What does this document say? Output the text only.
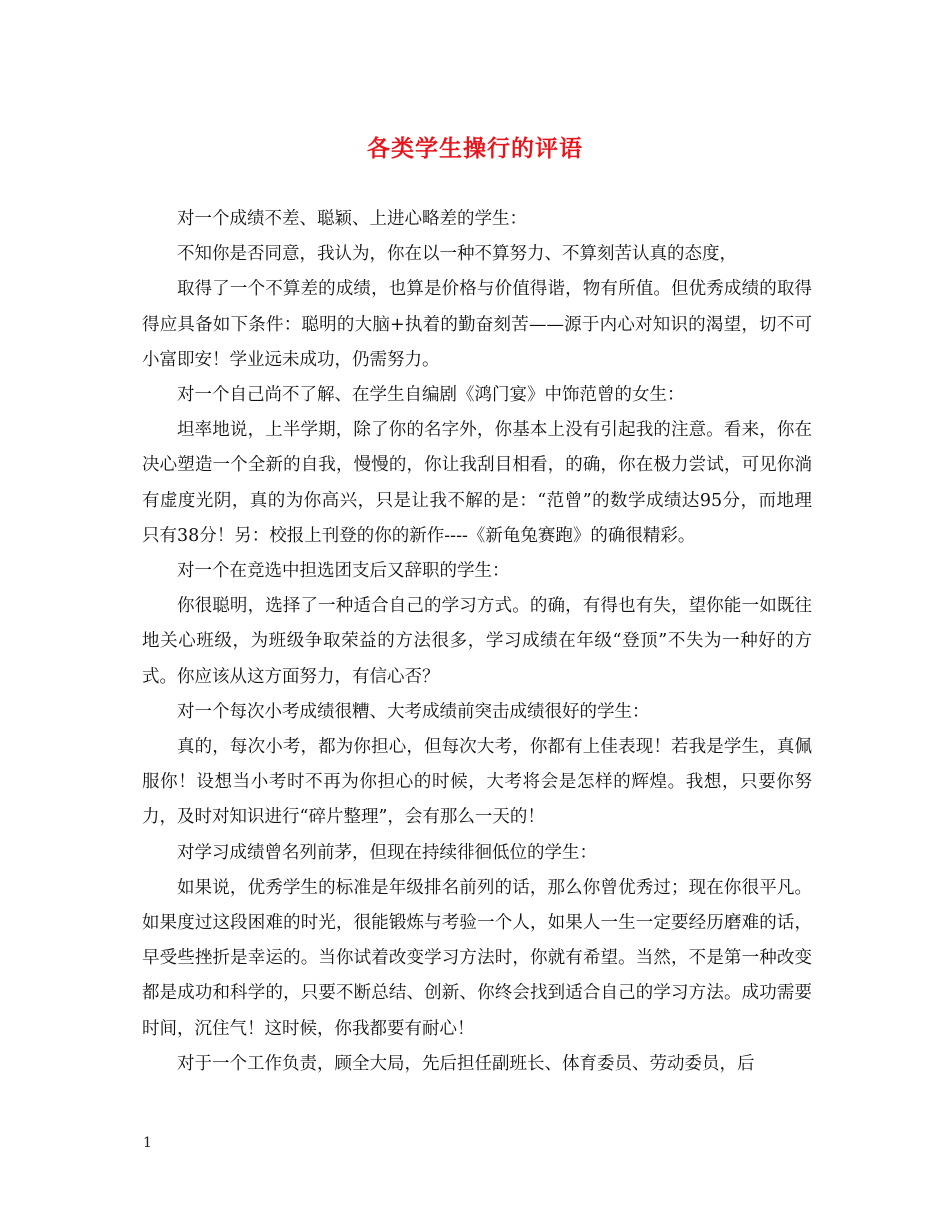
各类学生操行的评语

对一个成绩不差、聪颖、上进心略差的学生：

不知你是否同意，我认为，你在以一种不算努力、不算刻苦认真的态度，

取得了一个不算差的成绩，也算是价格与价值得谐，物有所值。但优秀成绩的取得得应具备如下条件：聪明的大脑+执着的勤奋刻苦——源于内心对知识的渴望，切不可小富即安！学业远未成功，仍需努力。

对一个自己尚不了解、在学生自编剧《鸿门宴》中饰范曾的女生：

坦率地说，上半学期，除了你的名字外，你基本上没有引起我的注意。看来，你在决心塑造一个全新的自我，慢慢的，你让我刮目相看，的确，你在极力尝试，可见你淌有虚度光阴，真的为你高兴，只是让我不解的是：“范曾”的数学成绩达95分，而地理只有38分！另：校报上刊登的你的新作----《新龟兔赛跑》的确很精彩。

对一个在竞选中担选团支后又辞职的学生：

你很聪明，选择了一种适合自己的学习方式。的确，有得也有失，望你能一如既往地关心班级，为班级争取荣益的方法很多，学习成绩在年级“登顶”不失为一种好的方式。你应该从这方面努力，有信心否？

对一个每次小考成绩很糟、大考成绩前突击成绩很好的学生：

真的，每次小考，都为你担心，但每次大考，你都有上佳表现！若我是学生，真佩服你！设想当小考时不再为你担心的时候，大考将会是怎样的辉煌。我想，只要你努力，及时对知识进行“碎片整理”，会有那么一天的！

对学习成绩曾名列前茅，但现在持续徘徊低位的学生：

如果说，优秀学生的标准是年级排名前列的话，那么你曾优秀过；现在你很平凡。如果度过这段困难的时光，很能锻炼与考验一个人，如果人一生一定要经历磨难的话，早受些挫折是幸运的。当你试着改变学习方法时，你就有希望。当然，不是第一种改变都是成功和科学的，只要不断总结、创新、你终会找到适合自己的学习方法。成功需要时间，沉住气！这时候，你我都要有耐心！

对于一个工作负责，顾全大局，先后担任副班长、体育委员、劳动委员，后

1
